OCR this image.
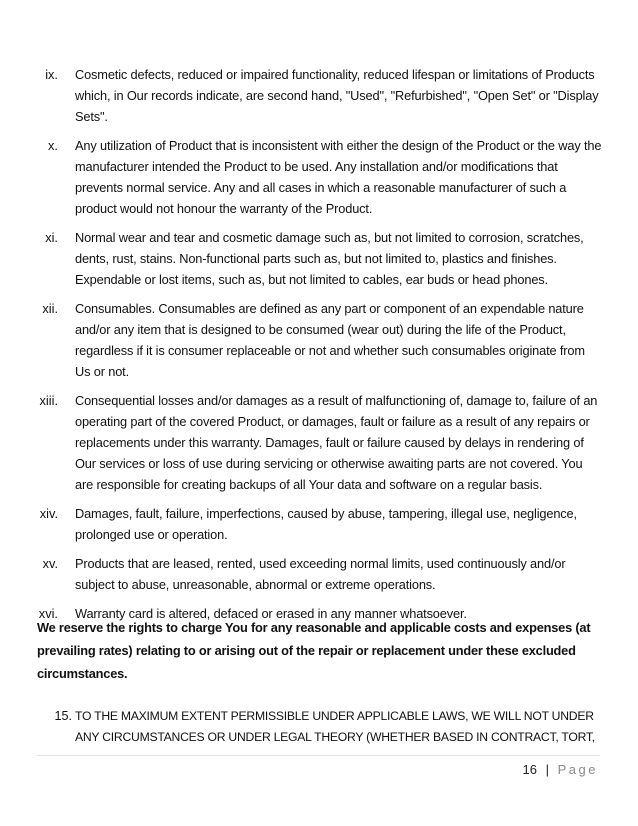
ix. Cosmetic defects, reduced or impaired functionality, reduced lifespan or limitations of Products which, in Our records indicate, are second hand, "Used", "Refurbished", "Open Set" or "Display Sets".
x. Any utilization of Product that is inconsistent with either the design of the Product or the way the manufacturer intended the Product to be used. Any installation and/or modifications that prevents normal service. Any and all cases in which a reasonable manufacturer of such a product would not honour the warranty of the Product.
xi. Normal wear and tear and cosmetic damage such as, but not limited to corrosion, scratches, dents, rust, stains. Non-functional parts such as, but not limited to, plastics and finishes. Expendable or lost items, such as, but not limited to cables, ear buds or head phones.
xii. Consumables. Consumables are defined as any part or component of an expendable nature and/or any item that is designed to be consumed (wear out) during the life of the Product, regardless if it is consumer replaceable or not and whether such consumables originate from Us or not.
xiii. Consequential losses and/or damages as a result of malfunctioning of, damage to, failure of an operating part of the covered Product, or damages, fault or failure as a result of any repairs or replacements under this warranty. Damages, fault or failure caused by delays in rendering of Our services or loss of use during servicing or otherwise awaiting parts are not covered. You are responsible for creating backups of all Your data and software on a regular basis.
xiv. Damages, fault, failure, imperfections, caused by abuse, tampering, illegal use, negligence, prolonged use or operation.
xv. Products that are leased, rented, used exceeding normal limits, used continuously and/or subject to abuse, unreasonable, abnormal or extreme operations.
xvi. Warranty card is altered, defaced or erased in any manner whatsoever.
We reserve the rights to charge You for any reasonable and applicable costs and expenses (at prevailing rates) relating to or arising out of the repair or replacement under these excluded circumstances.
15. TO THE MAXIMUM EXTENT PERMISSIBLE UNDER APPLICABLE LAWS, WE WILL NOT UNDER ANY CIRCUMSTANCES OR UNDER LEGAL THEORY (WHETHER BASED IN CONTRACT, TORT,
16 | Page
